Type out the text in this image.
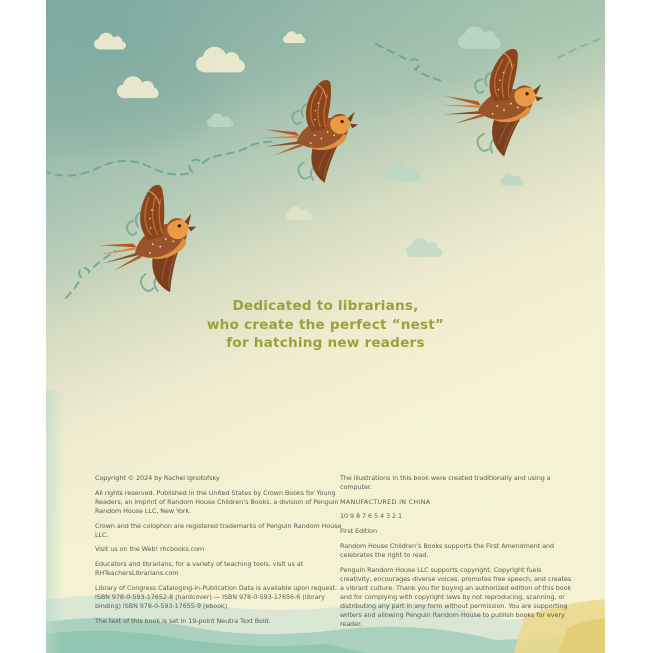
Dedicated to librarians,
who create the perfect “nest”
for hatching new readers

Copyright © 2024 by Rachel Ignotofsky

All rights reserved. Published in the United States by Crown Books for Young Readers, an imprint of Random House Children’s Books, a division of Penguin Random House LLC, New York.

Crown and the colophon are registered trademarks of Penguin Random House LLC.

Visit us on the Web! rhcbooks.com

Educators and librarians, for a variety of teaching tools, visit us at RHTeachersLibrarians.com

Library of Congress Cataloging-in-Publication Data is available upon request. ISBN 978-0-593-17652-8 (hardcover) — ISBN 978-0-593-17656-6 (library binding) ISBN 978-0-593-17655-9 (ebook)

The text of this book is set in 19-point Neutra Text Bold.

The illustrations in this book were created traditionally and using a computer.

MANUFACTURED IN CHINA

10 9 8 7 6 5 4 3 2 1

First Edition

Random House Children’s Books supports the First Amendment and celebrates the right to read.

Penguin Random House LLC supports copyright. Copyright fuels creativity, encourages diverse voices, promotes free speech, and creates a vibrant culture. Thank you for buying an authorized edition of this book and for complying with copyright laws by not reproducing, scanning, or distributing any part in any form without permission. You are supporting writers and allowing Penguin Random House to publish books for every reader.
